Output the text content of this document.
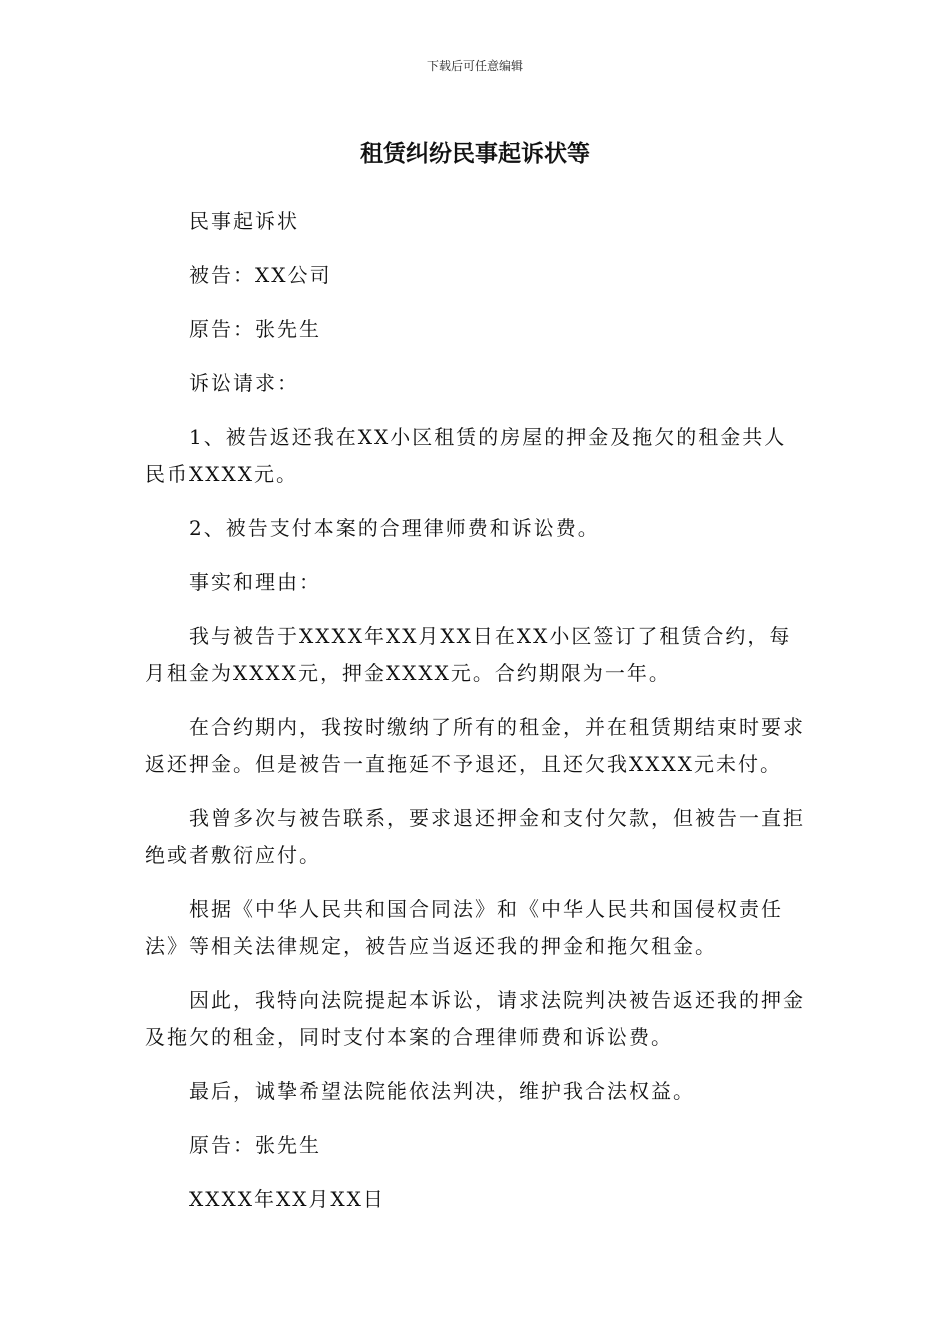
下载后可任意编辑
租赁纠纷民事起诉状等

民事起诉状

被告：XX公司

原告：张先生

诉讼请求：

1、被告返还我在XX小区租赁的房屋的押金及拖欠的租金共人民币XXXX元。

2、被告支付本案的合理律师费和诉讼费。

事实和理由：

我与被告于XXXX年XX月XX日在XX小区签订了租赁合约，每月租金为XXXX元，押金XXXX元。合约期限为一年。

在合约期内，我按时缴纳了所有的租金，并在租赁期结束时要求返还押金。但是被告一直拖延不予退还，且还欠我XXXX元未付。

我曾多次与被告联系，要求退还押金和支付欠款，但被告一直拒绝或者敷衍应付。

根据《中华人民共和国合同法》和《中华人民共和国侵权责任法》等相关法律规定，被告应当返还我的押金和拖欠租金。

因此，我特向法院提起本诉讼，请求法院判决被告返还我的押金及拖欠的租金，同时支付本案的合理律师费和诉讼费。

最后，诚挚希望法院能依法判决，维护我合法权益。

原告：张先生

XXXX年XX月XX日
